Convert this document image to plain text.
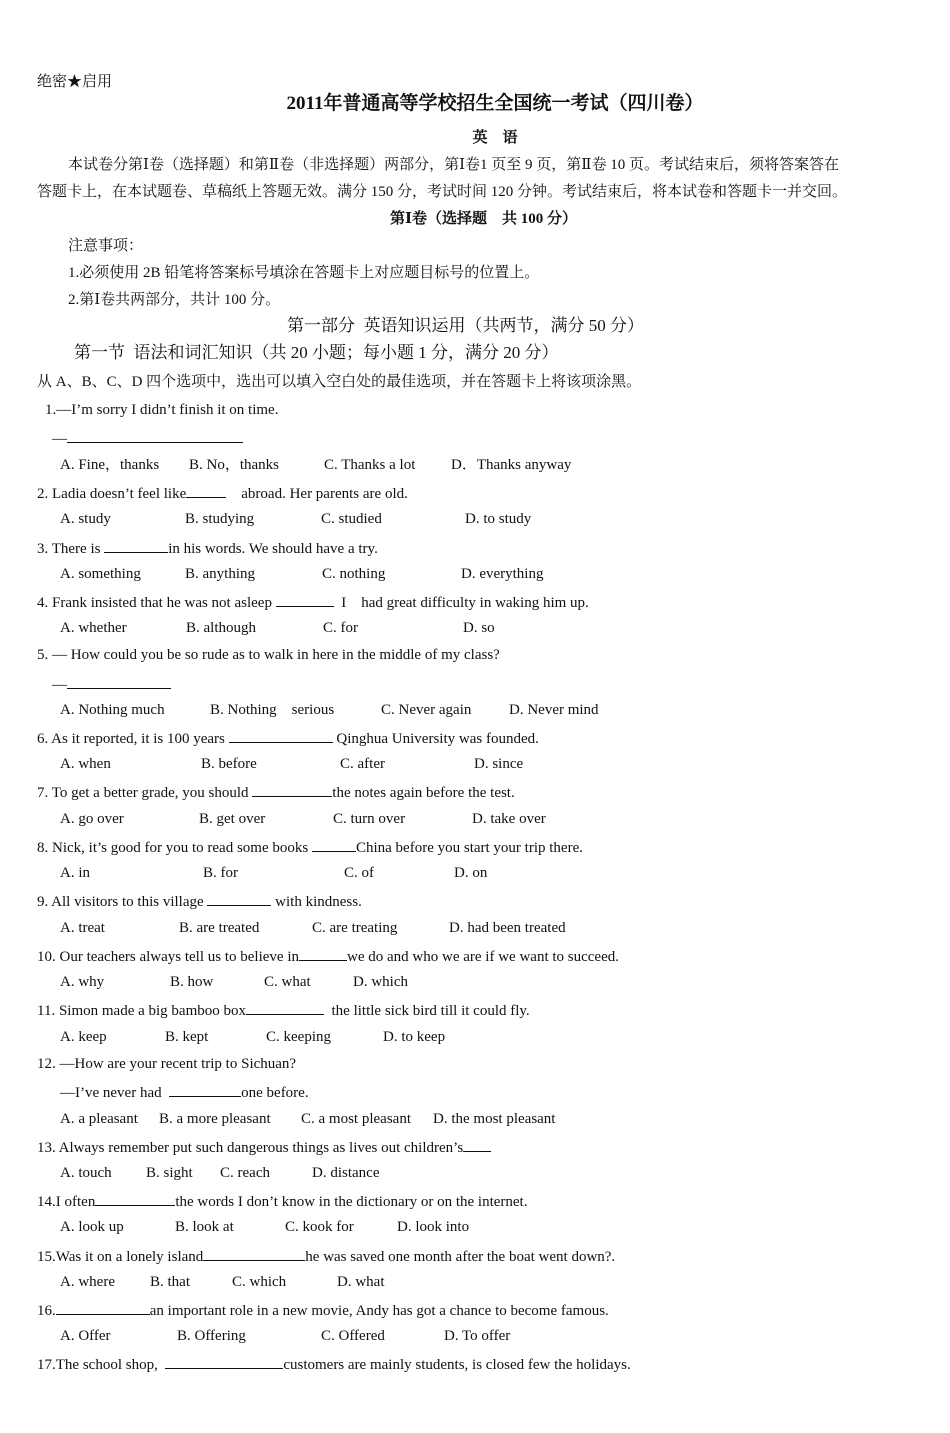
绝密★启用
2011年普通高等学校招生全国统一考试（四川卷）
英　语
本试卷分第Ⅰ卷（选择题）和第Ⅱ卷（非选择题）两部分，第Ⅰ卷1 页至 9 页，第Ⅱ卷 10 页。考试结束后，须将答案答在
答题卡上，在本试题卷、草稿纸上答题无效。满分 150 分，考试时间 120 分钟。考试结束后，将本试卷和答题卡一并交回。
第Ⅰ卷（选择题　共 100 分）
注意事项：
1.必须使用 2B 铅笔将答案标号填涂在答题卡上对应题目标号的位置上。
2.第Ⅰ卷共两部分，共计 100 分。
第一部分  英语知识运用（共两节，满分 50 分）
第一节  语法和词汇知识（共 20 小题；每小题 1 分，满分 20 分）
从 A、B、C、D 四个选项中，选出可以填入空白处的最佳选项，并在答题卡上将该项涂黑。
1.—I’m sorry I didn’t finish it on time.
—
A. Fine，thanks B. No，thanks	C. Thanks a lot D．Thanks anyway
2. Ladia doesn’t feel like	abroad. Her parents are old.
A. study	B. studying	C. studied	D. to study
3. There is	in his words. We should have a try.
A. something	B. anything	C. nothing	D. everything
4. Frank insisted that he was not asleep	I    had great difficulty in waking him up.
A. whether	B. although	C. for	D. so
5. — How could you be so rude as to walk in here in the middle of my class?
—
A. Nothing much	B. Nothing    serious	C. Never again	D. Never mind
6. As it reported, it is 100 years	Qinghua University was founded.
A. when	B. before	C. after	D. since
7. To get a better grade, you should	the notes again before the test.
A. go over	B. get over	C. turn over	D. take over
8. Nick, it’s good for you to read some books	China before you start your trip there.
A. in	B. for	C. of	D. on
9. All visitors to this village	with kindness.
A. treat	B. are treated	C. are treating	D. had been treated
10. Our teachers always tell us to believe in	we do and who we are if we want to succeed.
A. why	B. how	C. what	D. which
11. Simon made a big bamboo box	the little sick bird till it could fly.
A. keep	B. kept	C. keeping	D. to keep
12. —How are your recent trip to Sichuan?
—I’ve never had	one before.
A. a pleasant B. a more pleasant C. a most pleasant D. the most pleasant
13. Always remember put such dangerous things as lives out children’s
A. touch B. sight C. reach	D. distance
14.I often	the words I don’t know in the dictionary or on the internet.
A. look up	B. look at	C. kook for	D. look into
15.Was it on a lonely island	he was saved one month after the boat went down?.
A. where B. that	C. which	D. what
16.	an important role in a new movie, Andy has got a chance to become famous.
A. Offer	B. Offering	C. Offered	D. To offer
17.The school shop,	customers are mainly students, is closed few the holidays.
